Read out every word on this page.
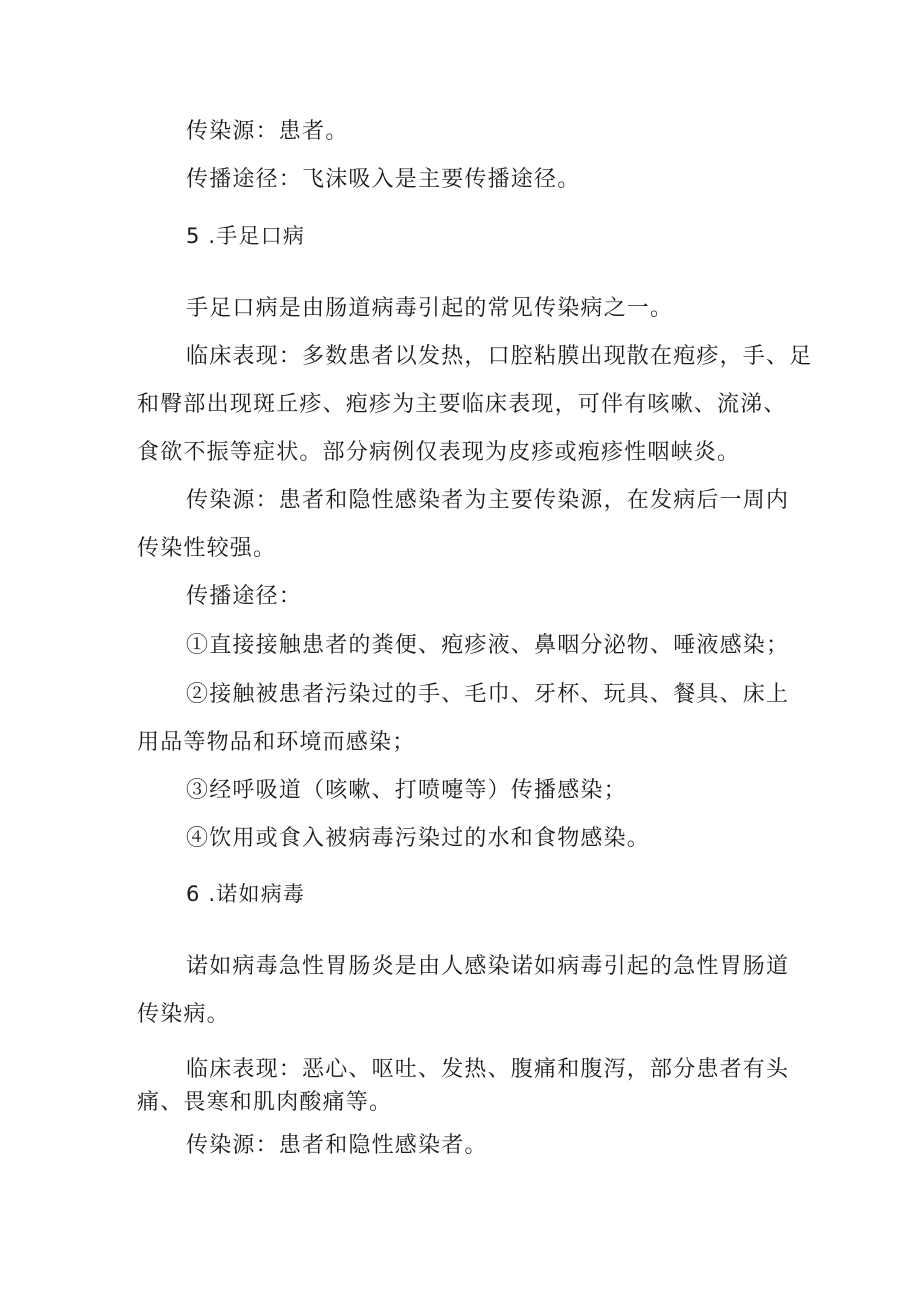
传染源：患者。

传播途径：飞沫吸入是主要传播途径。

5 .手足口病

手足口病是由肠道病毒引起的常见传染病之一。

临床表现：多数患者以发热，口腔粘膜出现散在疱疹，手、足

和臀部出现斑丘疹、疱疹为主要临床表现，可伴有咳嗽、流涕、

食欲不振等症状。部分病例仅表现为皮疹或疱疹性咽峡炎。

传染源：患者和隐性感染者为主要传染源，在发病后一周内

传染性较强。

传播途径：

①直接接触患者的粪便、疱疹液、鼻咽分泌物、唾液感染；

②接触被患者污染过的手、毛巾、牙杯、玩具、餐具、床上

用品等物品和环境而感染；

③经呼吸道（咳嗽、打喷嚏等）传播感染；

④饮用或食入被病毒污染过的水和食物感染。

6 .诺如病毒

诺如病毒急性胃肠炎是由人感染诺如病毒引起的急性胃肠道

传染病。

临床表现：恶心、呕吐、发热、腹痛和腹泻，部分患者有头

痛、畏寒和肌肉酸痛等。

传染源：患者和隐性感染者。
